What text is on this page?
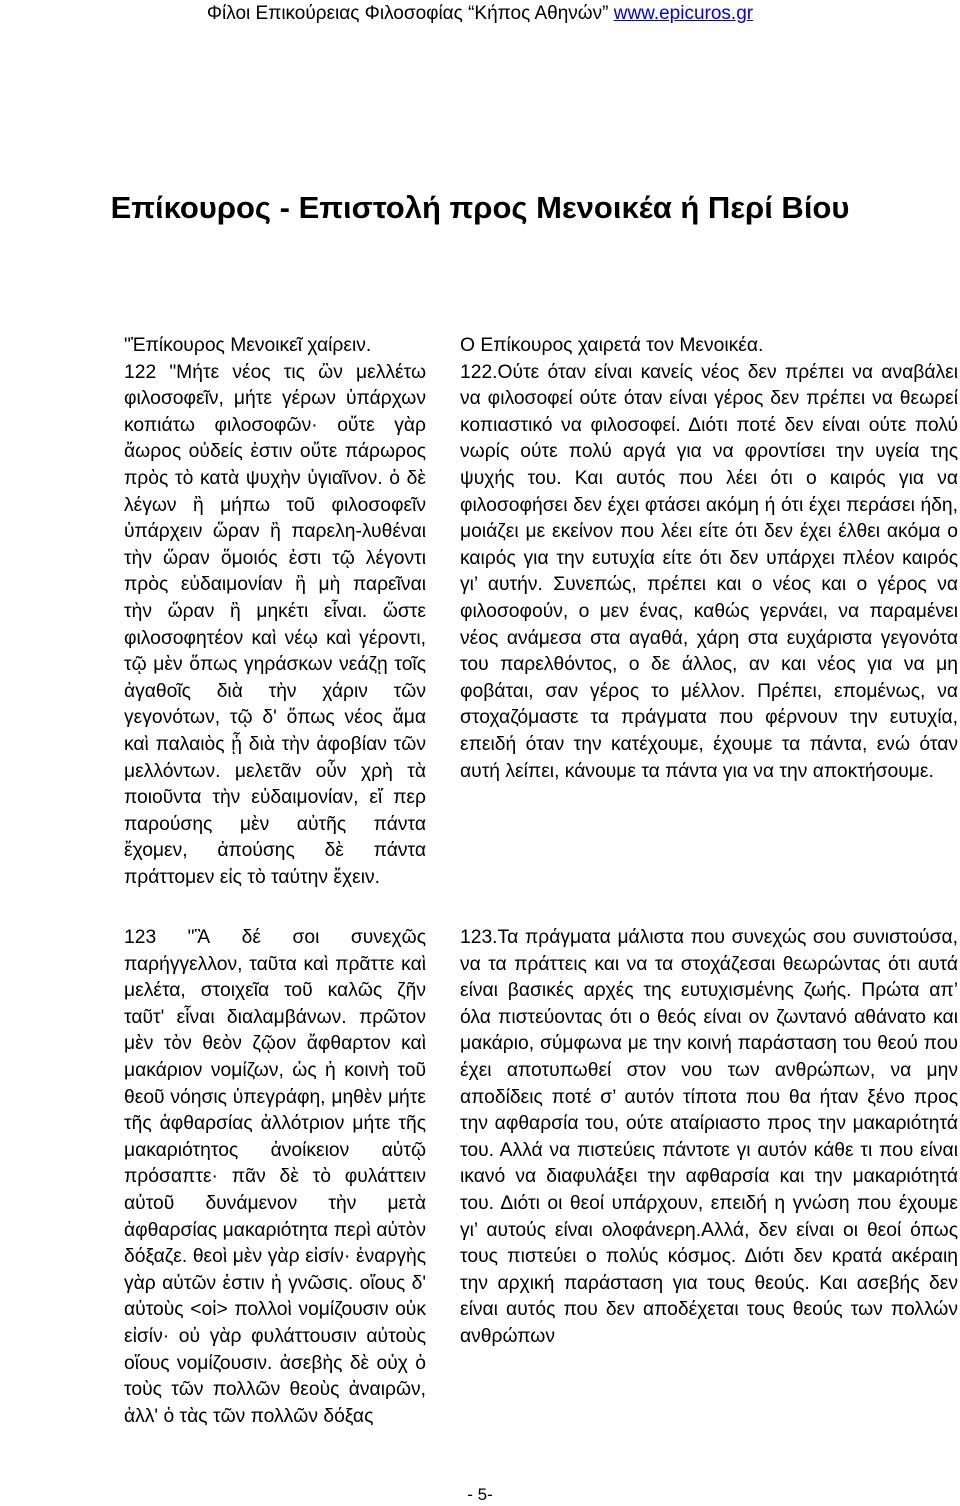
Φίλοι Επικούρειας Φιλοσοφίας “Κήπος Αθηνών” www.epicuros.gr
Επίκουρος - Επιστολή προς Μενοικέα ή Περί Βίου

"Ἐπίκουρος Μενοικεῖ χαίρειν.

122 "Μήτε νέος τις ὢν μελλέτω φιλοσοφεῖν, μήτε γέρων ὑπάρχων κοπιάτω φιλοσοφῶν· οὔτε γὰρ ἄωρος οὐδείς ἐστιν οὔτε πάρωρος πρὸς τὸ κατὰ ψυχὴν ὑγιαῖνον. ὁ δὲ λέγων ἢ μήπω τοῦ φιλοσοφεῖν ὑπάρχειν ὥραν ἢ παρελη-λυθέναι τὴν ὥραν ὅμοιός ἐστι τῷ λέγοντι πρὸς εὐδαιμονίαν ἢ μὴ παρεῖναι τὴν ὥραν ἢ μηκέτι εἶναι. ὥστε φιλοσοφητέον καὶ νέῳ καὶ γέροντι, τῷ μὲν ὅπως γηράσκων νεάζῃ τοῖς ἀγαθοῖς διὰ τὴν χάριν τῶν γεγονότων, τῷ δ' ὅπως νέος ἅμα καὶ παλαιὸς ᾖ διὰ τὴν ἀφοβίαν τῶν μελλόντων. μελετᾶν οὖν χρὴ τὰ ποιοῦντα τὴν εὐδαιμονίαν, εἴ περ παρούσης μὲν αὐτῆς πάντα ἔχομεν, ἀπούσης δὲ πάντα πράττομεν εἰς τὸ ταύτην ἔχειν.

Ο Επίκουρος χαιρετά τον Μενοικέα.

122.Ούτε όταν είναι κανείς νέος δεν πρέπει να αναβάλει να φιλοσοφεί ούτε όταν είναι γέρος δεν πρέπει να θεωρεί κοπιαστικό να φιλοσοφεί. Διότι ποτέ δεν είναι ούτε πολύ νωρίς ούτε πολύ αργά για να φροντίσει την υγεία της ψυχής του. Και αυτός που λέει ότι ο καιρός για να φιλοσοφήσει δεν έχει φτάσει ακόμη ή ότι έχει περάσει ήδη, μοιάζει με εκείνον που λέει είτε ότι δεν έχει έλθει ακόμα ο καιρός για την ευτυχία είτε ότι δεν υπάρχει πλέον καιρός γι’ αυτήν. Συνεπώς, πρέπει και ο νέος και ο γέρος να φιλοσοφούν, ο μεν ένας, καθώς γερνάει, να παραμένει νέος ανάμεσα στα αγαθά, χάρη στα ευχάριστα γεγονότα του παρελθόντος, ο δε άλλος, αν και νέος για να μη φοβάται, σαν γέρος το μέλλον. Πρέπει, επομένως, να στοχαζόμαστε τα πράγματα που φέρνουν την ευτυχία, επειδή όταν την κατέχουμε, έχουμε τα πάντα, ενώ όταν αυτή λείπει, κάνουμε τα πάντα για να την αποκτήσουμε.

123 "Ἃ δέ σοι συνεχῶς παρήγγελλον, ταῦτα καὶ πρᾶττε καὶ μελέτα, στοιχεῖα τοῦ καλῶς ζῆν ταῦτ' εἶναι διαλαμβάνων. πρῶτον μὲν τὸν θεὸν ζῷον ἄφθαρτον καὶ μακάριον νομίζων, ὡς ἡ κοινὴ τοῦ θεοῦ νόησις ὑπεγράφη, μηθὲν μήτε τῆς ἀφθαρσίας ἀλλότριον μήτε τῆς μακαριότητος ἀνοίκειον αὐτῷ πρόσαπτε· πᾶν δὲ τὸ φυλάττειν αὐτοῦ δυνάμενον τὴν μετὰ ἀφθαρσίας μακαριότητα περὶ αὐτὸν δόξαζε. θεοὶ μὲν γὰρ εἰσίν· ἐναργὴς γὰρ αὐτῶν ἐστιν ἡ γνῶσις. οἵους δ' αὐτοὺς <οἱ> πολλοὶ νομίζουσιν οὐκ εἰσίν· οὐ γὰρ φυλάττουσιν αὐτοὺς οἵους νομίζουσιν. ἀσεβὴς δὲ οὐχ ὁ τοὺς τῶν πολλῶν θεοὺς ἀναιρῶν, ἀλλ' ὁ τὰς τῶν πολλῶν δόξας

123.Τα πράγματα μάλιστα που συνεχώς σου συνιστούσα, να τα πράττεις και να τα στοχάζεσαι θεωρώντας ότι αυτά είναι βασικές αρχές της ευτυχισμένης ζωής. Πρώτα απ’ όλα πιστεύοντας ότι ο θεός είναι ον ζωντανό αθάνατο και μακάριο, σύμφωνα με την κοινή παράσταση του θεού που έχει αποτυπωθεί στον νου των ανθρώπων, να μην αποδίδεις ποτέ σ’ αυτόν τίποτα που θα ήταν ξένο προς την αφθαρσία του, ούτε αταίριαστο προς την μακαριότητά του. Αλλά να πιστεύεις πάντοτε γι αυτόν κάθε τι που είναι ικανό να διαφυλάξει την αφθαρσία και την μακαριότητά του. Διότι οι θεοί υπάρχουν, επειδή η γνώση που έχουμε γι’ αυτούς είναι ολοφάνερη.Αλλά, δεν είναι οι θεοί όπως τους πιστεύει ο πολύς κόσμος. Διότι δεν κρατά ακέραιη την αρχική παράσταση για τους θεούς. Και ασεβής δεν είναι αυτός που δεν αποδέχεται τους θεούς των πολλών ανθρώπων

- 5-
